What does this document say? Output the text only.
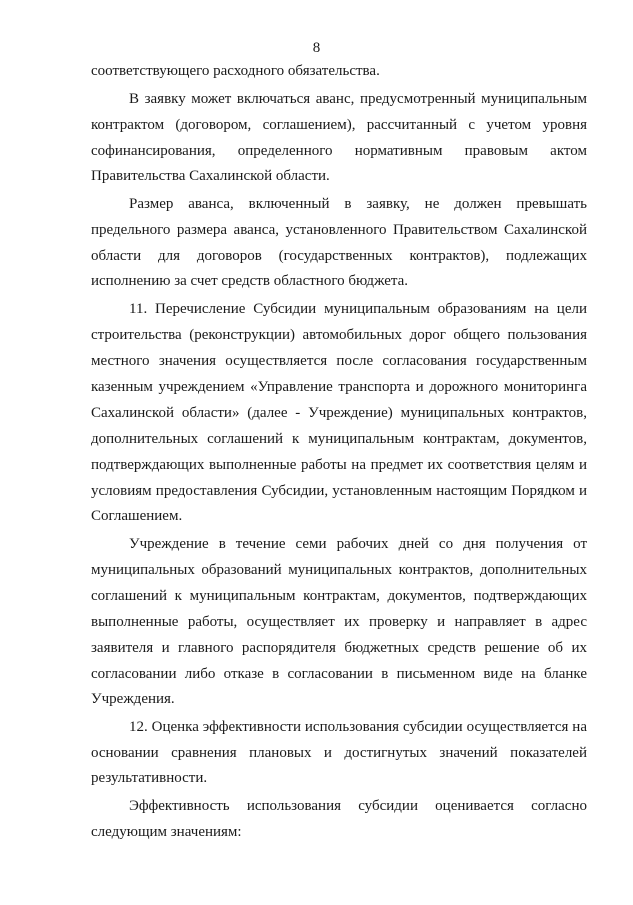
8
соответствующего расходного обязательства.
В заявку может включаться аванс, предусмотренный муниципальным
контрактом (договором, соглашением), рассчитанный с учетом уровня
софинансирования, определенного нормативным правовым актом
Правительства Сахалинской области.
Размер аванса, включенный в заявку, не должен превышать
предельного размера аванса, установленного Правительством Сахалинской
области для договоров (государственных контрактов), подлежащих
исполнению за счет средств областного бюджета.
11. Перечисление Субсидии муниципальным образованиям на цели
строительства (реконструкции) автомобильных дорог общего пользования
местного значения осуществляется после согласования государственным
казенным учреждением «Управление транспорта и дорожного мониторинга
Сахалинской области» (далее - Учреждение) муниципальных контрактов,
дополнительных соглашений к муниципальным контрактам, документов,
подтверждающих выполненные работы на предмет их соответствия целям и
условиям предоставления Субсидии, установленным настоящим Порядком и
Соглашением.
Учреждение в течение семи рабочих дней со дня получения от
муниципальных образований муниципальных контрактов, дополнительных
соглашений к муниципальным контрактам, документов, подтверждающих
выполненные работы, осуществляет их проверку и направляет в адрес
заявителя и главного распорядителя бюджетных средств решение об их
согласовании либо отказе в согласовании в письменном виде на бланке
Учреждения.
12. Оценка эффективности использования субсидии осуществляется на
основании сравнения плановых и достигнутых значений показателей
результативности.
Эффективность использования субсидии оценивается согласно
следующим значениям:
